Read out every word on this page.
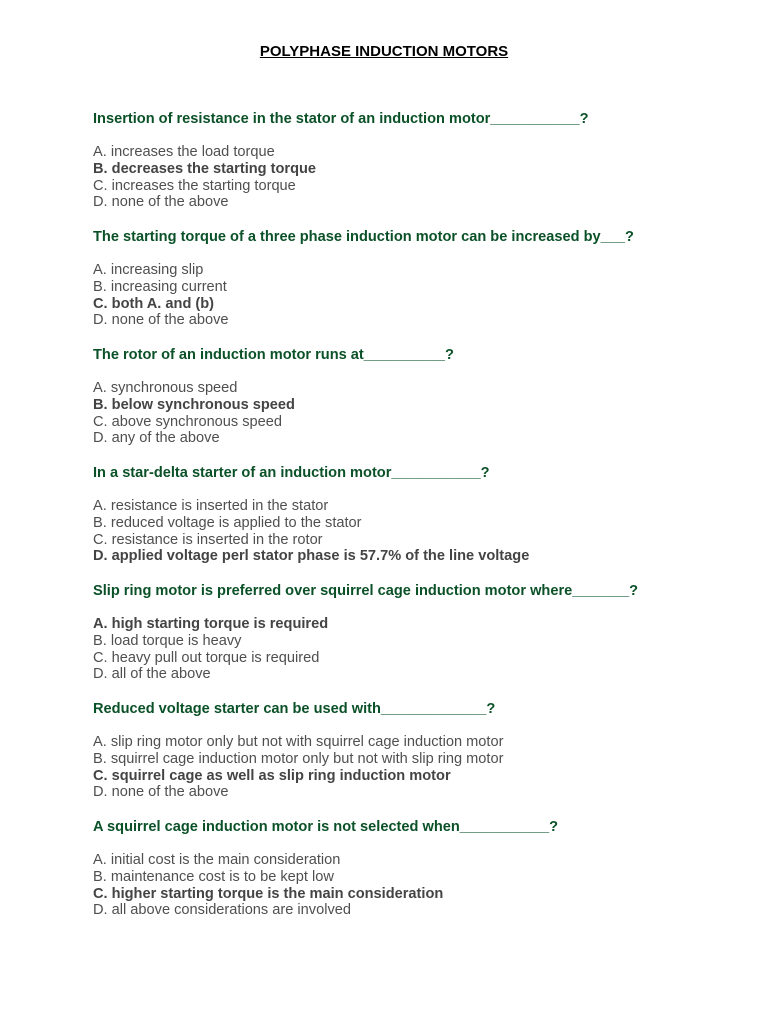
POLYPHASE INDUCTION MOTORS
Insertion of resistance in the stator of an induction motor___________?
A. increases the load torque
B. decreases the starting torque
C. increases the starting torque
D. none of the above
The starting torque of a three phase induction motor can be increased by___?
A. increasing slip
B. increasing current
C. both A. and (b)
D. none of the above
The rotor of an induction motor runs at__________?
A. synchronous speed
B. below synchronous speed
C. above synchronous speed
D. any of the above
In a star-delta starter of an induction motor___________?
A. resistance is inserted in the stator
B. reduced voltage is applied to the stator
C. resistance is inserted in the rotor
D. applied voltage perl stator phase is 57.7% of the line voltage
Slip ring motor is preferred over squirrel cage induction motor where_______?
A. high starting torque is required
B. load torque is heavy
C. heavy pull out torque is required
D. all of the above
Reduced voltage starter can be used with_____________?
A. slip ring motor only but not with squirrel cage induction motor
B. squirrel cage induction motor only but not with slip ring motor
C. squirrel cage as well as slip ring induction motor
D. none of the above
A squirrel cage induction motor is not selected when___________?
A. initial cost is the main consideration
B. maintenance cost is to be kept low
C. higher starting torque is the main consideration
D. all above considerations are involved
